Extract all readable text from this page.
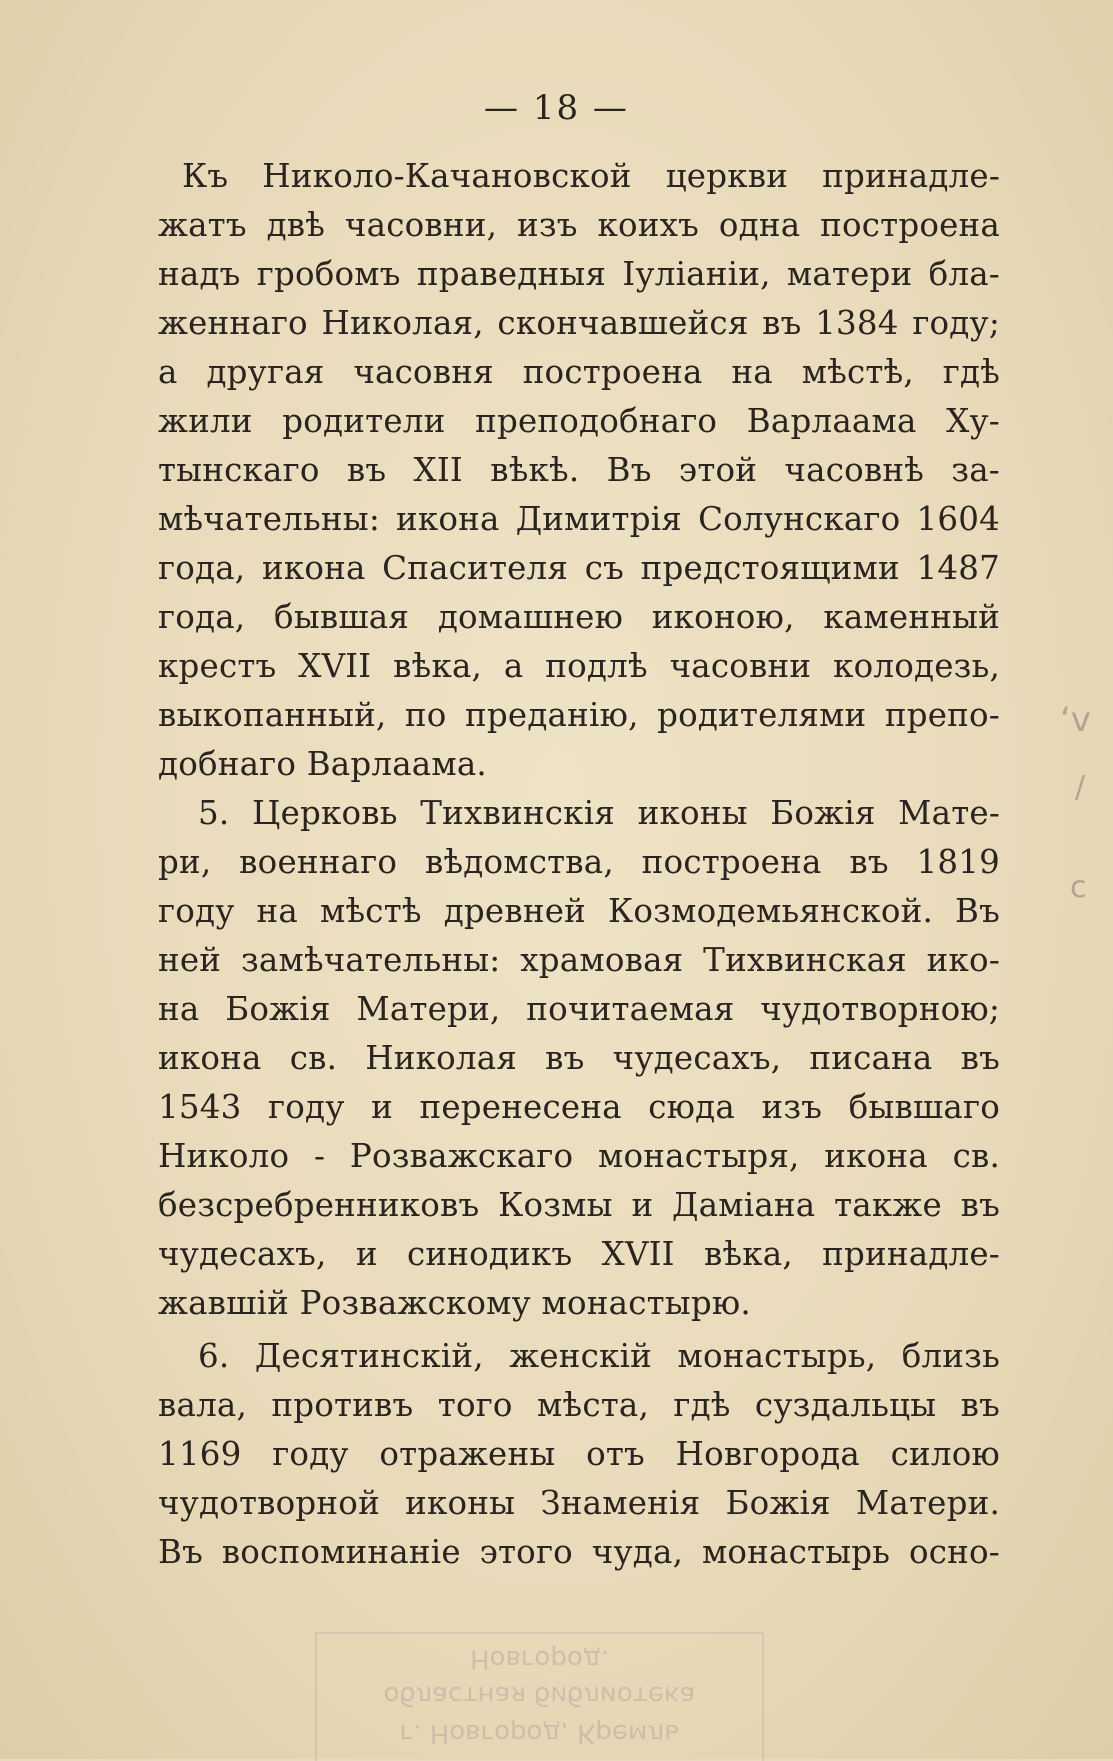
— 18 —
Къ Николо-Качановской церкви принадле-
жатъ двѣ часовни, изъ коихъ одна построена
надъ гробомъ праведныя Іуліаніи, матери бла-
женнаго Николая, скончавшейся въ 1384 году;
а другая часовня построена на мѣстѣ, гдѣ
жили родители преподобнаго Варлаама Ху-
тынскаго въ XII вѣкѣ. Въ этой часовнѣ за-
мѣчательны: икона Димитрія Солунскаго 1604
года, икона Спасителя съ предстоящими 1487
года, бывшая домашнею иконою, каменный
крестъ XVII вѣка, а подлѣ часовни колодезь,
выкопанный, по преданію, родителями препо-
добнаго Варлаама.
5. Церковь Тихвинскія иконы Божія Мате-
ри, военнаго вѣдомства, построена въ 1819
году на мѣстѣ древней Козмодемьянской. Въ
ней замѣчательны: храмовая Тихвинская ико-
на Божія Матери, почитаемая чудотворною;
икона св. Николая въ чудесахъ, писана въ
1543 году и перенесена сюда изъ бывшаго
Николо - Розважскаго монастыря, икона св.
безсребренниковъ Козмы и Даміана также въ
чудесахъ, и синодикъ XVII вѣка, принадле-
жавшій Розважскому монастырю.
6. Десятинскій, женскій монастырь, близь
вала, противъ того мѣста, гдѣ суздальцы въ
1169 году отражены отъ Новгорода силою
чудотворной иконы Знаменія Божія Матери.
Въ воспоминаніе этого чуда, монастырь осно-
‘v
/
c
Новгород.
областная библиотека
г. Новгород, Кремль
